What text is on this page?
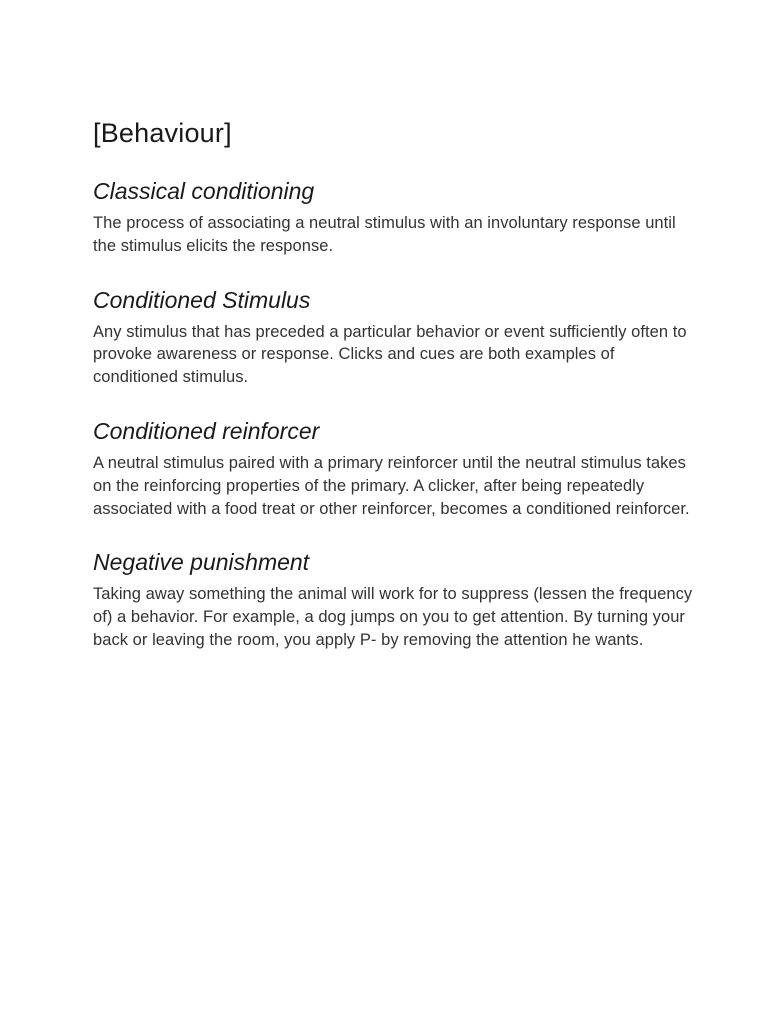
[Behaviour]
Classical conditioning

The process of associating a neutral stimulus with an involuntary response until the stimulus elicits the response.

Conditioned Stimulus

Any stimulus that has preceded a particular behavior or event sufficiently often to provoke awareness or response. Clicks and cues are both examples of conditioned stimulus.

Conditioned reinforcer

A neutral stimulus paired with a primary reinforcer until the neutral stimulus takes on the reinforcing properties of the primary. A clicker, after being repeatedly associated with a food treat or other reinforcer, becomes a conditioned reinforcer.

Negative punishment

Taking away something the animal will work for to suppress (lessen the frequency of) a behavior. For example, a dog jumps on you to get attention. By turning your back or leaving the room, you apply P- by removing the attention he wants.
